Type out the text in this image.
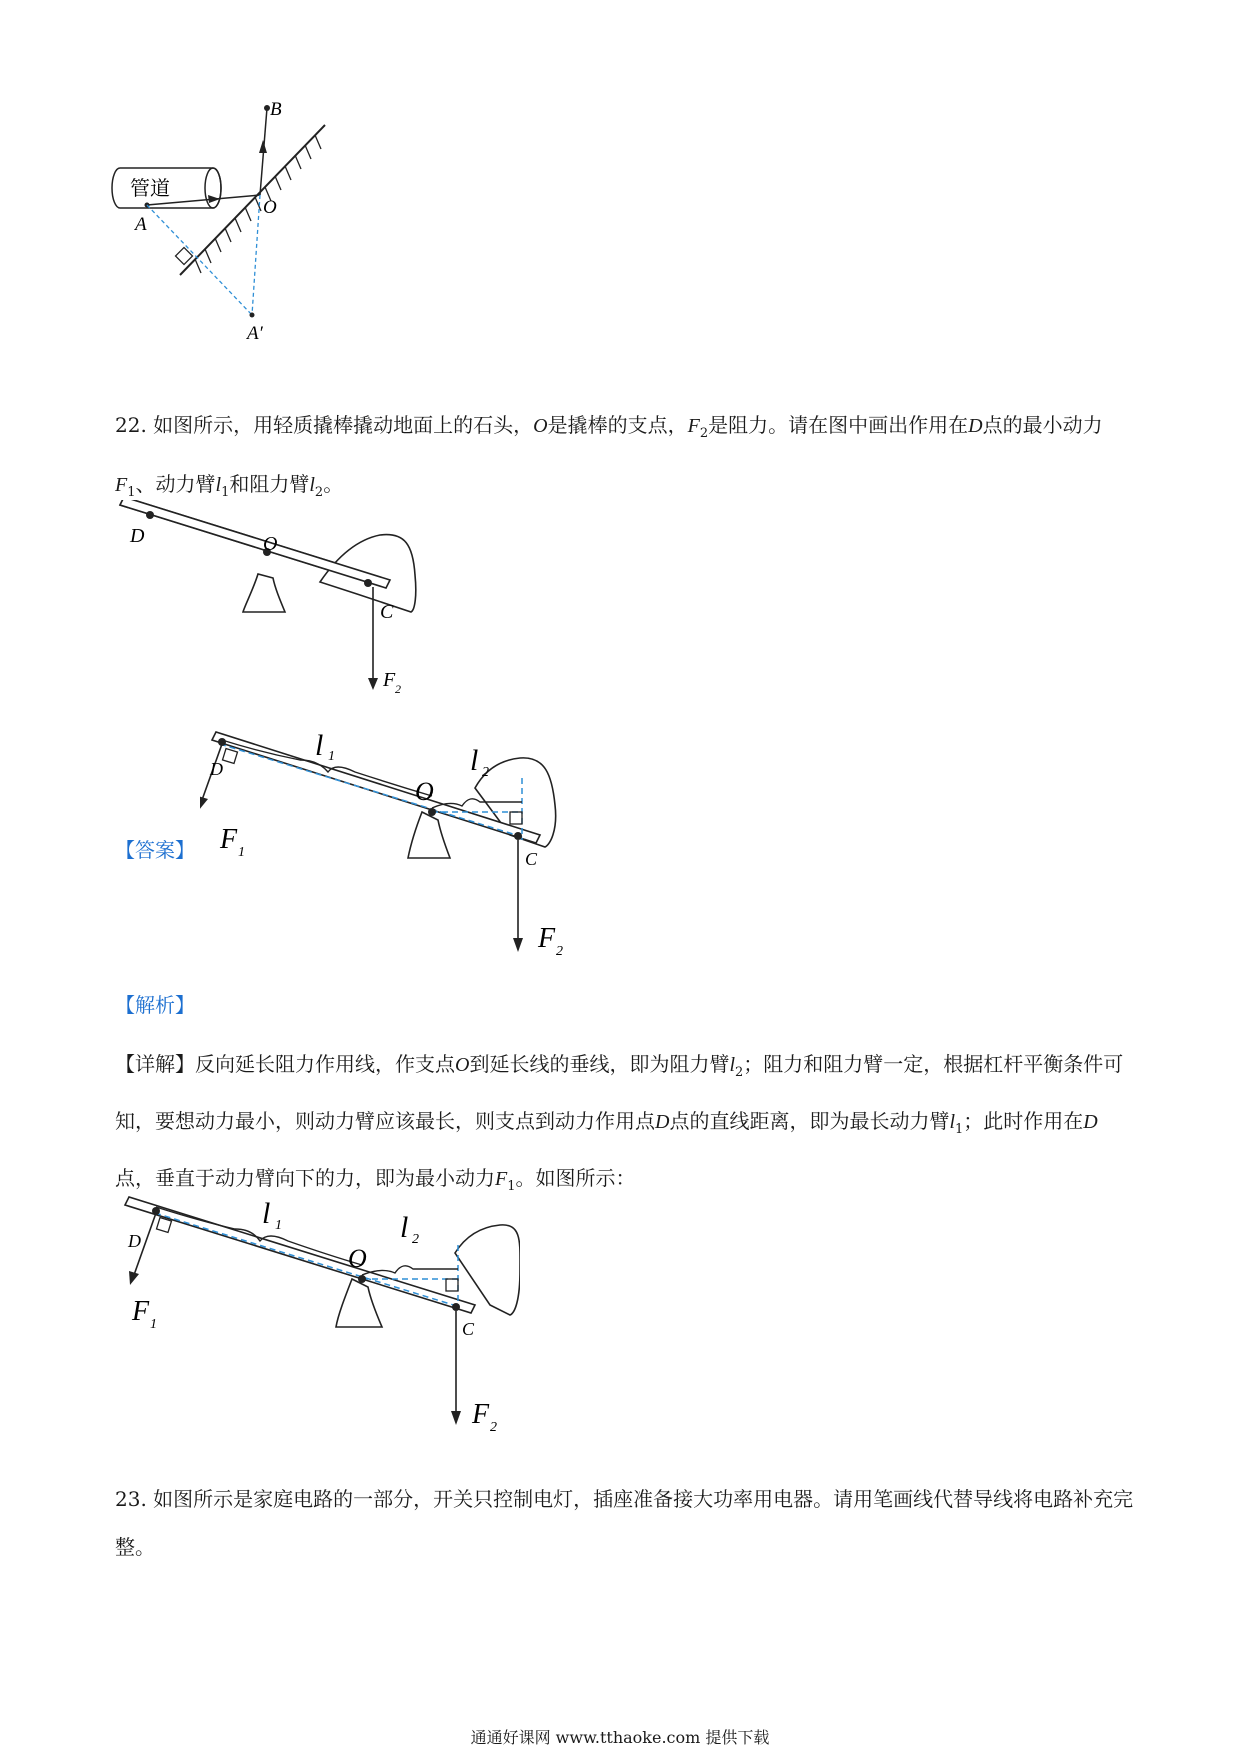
管道
A
O
B
A′
22. 如图所示，用轻质撬棒撬动地面上的石头，O是撬棒的支点，$F_2$是阻力。请在图中画出作用在D点的最小动力$F_1$、动力臂$l_1$和阻力臂$l_2$。
D	O
C
F 2
【答案】
D
O
C
l 1	l 2
F 1
F 2
【解析】
【详解】反向延长阻力作用线，作支点O到延长线的垂线，即为阻力臂$l_2$；阻力和阻力臂一定，根据杠杆平衡条件可知，要想动力最小，则动力臂应该最长，则支点到动力作用点D点的直线距离，即为最长动力臂$l_1$；此时作用在D点，垂直于动力臂向下的力，即为最小动力$F_1$。如图所示：
D
O
C
l 1	l 2
F 1
F 2
23. 如图所示是家庭电路的一部分，开关只控制电灯，插座准备接大功率用电器。请用笔画线代替导线将电路补充完整。
通通好课网 www.tthaoke.com 提供下载
